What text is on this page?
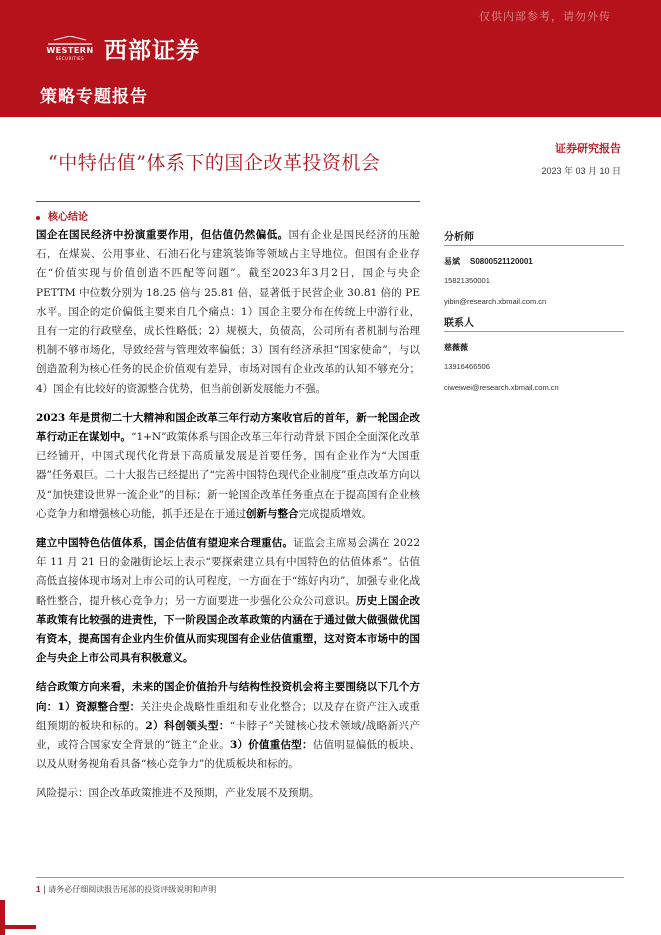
仅供内部参考，请勿外传
WESTERN
SECURITIES 西部证券
策略专题报告
“中特估值”体系下的国企改革投资机会
证券研究报告
2023 年 03 月 10 日
核心结论

国企在国民经济中扮演重要作用，但估值仍然偏低。国有企业是国民经济的压舱石，在煤炭、公用事业、石油石化与建筑装饰等领域占主导地位。但国有企业存在“价值实现与价值创造不匹配等问题”。截至2023年3月2日，国企与央企 PETTM 中位数分别为 18.25 倍与 25.81 倍，显著低于民营企业 30.81 倍的 PE 水平。国企的定价偏低主要来自几个痛点：1）国企主要分布在传统上中游行业，且有一定的行政壁垒，成长性略低；2）规模大，负债高，公司所有者机制与治理机制不够市场化，导致经营与管理效率偏低；3）国有经济承担“国家使命”，与以创造盈利为核心任务的民企价值观有差异，市场对国有企业改革的认知不够充分；4）国企有比较好的资源整合优势，但当前创新发展能力不强。

2023 年是贯彻二十大精神和国企改革三年行动方案收官后的首年，新一轮国企改革行动正在谋划中。“1+N”政策体系与国企改革三年行动背景下国企全面深化改革已经铺开，中国式现代化背景下高质量发展是首要任务，国有企业作为“大国重器”任务艰巨。二十大报告已经提出了“完善中国特色现代企业制度”重点改革方向以及“加快建设世界一流企业”的目标；新一轮国企改革任务重点在于提高国有企业核心竞争力和增强核心功能，抓手还是在于通过创新与整合完成提质增效。

建立中国特色估值体系，国企估值有望迎来合理重估。证监会主席易会满在 2022 年 11 月 21 日的金融街论坛上表示“要探索建立具有中国特色的估值体系”。估值高低直接体现市场对上市公司的认可程度，一方面在于“练好内功”，加强专业化战略性整合，提升核心竞争力；另一方面要进一步强化公众公司意识。历史上国企改革政策有比较强的进责性，下一阶段国企改革政策的内涵在于通过做大做强做优国有资本，提高国有企业内生价值从而实现国有企业估值重塑，这对资本市场中的国企与央企上市公司具有积极意义。

结合政策方向来看，未来的国企价值抬升与结构性投资机会将主要围绕以下几个方向：1）资源整合型：关注央企战略性重组和专业化整合；以及存在资产注入或重组预期的板块和标的。2）科创领头型：“卡脖子”关键核心技术领域/战略新兴产业，或符合国家安全背景的“链主”企业。3）价值重估型：估值明显偏低的板块、以及从财务视角看具备“核心竞争力”的优质板块和标的。

风险提示：国企改革政策推进不及预期，产业发展不及预期。

分析师
易斌 S0800521120001
15821350001
yibin@research.xbmail.com.cn
联系人
慈薇薇
13916466506
ciweiwei@research.xbmail.com.cn
1 | 请务必仔细阅读报告尾部的投资评级说明和声明
